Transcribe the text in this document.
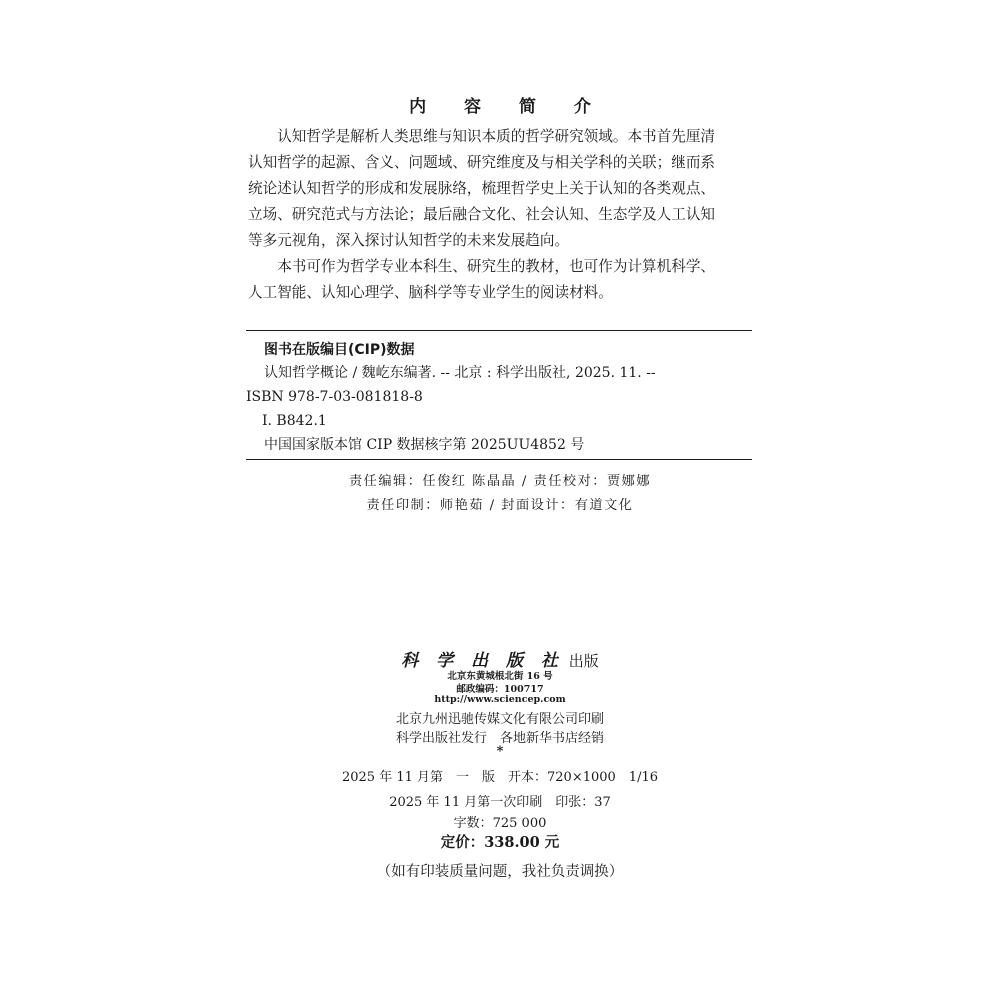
内 容 简 介

认知哲学是解析人类思维与知识本质的哲学研究领域。本书首先厘清
认知哲学的起源、含义、问题域、研究维度及与相关学科的关联；继而系
统论述认知哲学的形成和发展脉络，梳理哲学史上关于认知的各类观点、
立场、研究范式与方法论；最后融合文化、社会认知、生态学及人工认知
等多元视角，深入探讨认知哲学的未来发展趋向。

本书可作为哲学专业本科生、研究生的教材，也可作为计算机科学、
人工智能、认知心理学、脑科学等专业学生的阅读材料。

图书在版编目(CIP)数据
认知哲学概论 / 魏屹东编著. -- 北京 : 科学出版社, 2025. 11. --
ISBN 978-7-03-081818-8
Ⅰ. B842.1
中国国家版本馆 CIP 数据核字第 2025UU4852 号
责任编辑：任俊红 陈晶晶 / 责任校对：贾娜娜
责任印制：师艳茹 / 封面设计：有道文化
科 学 出 版 社 出版
北京东黄城根北街 16 号
邮政编码：100717
http://www.sciencep.com
北京九州迅驰传媒文化有限公司印刷
科学出版社发行　各地新华书店经销
*
2025 年 11 月第　一　版　开本：720×1000　1/16
2025 年 11 月第一次印刷　印张：37
字数：725 000
定价：338.00 元
（如有印装质量问题，我社负责调换）
